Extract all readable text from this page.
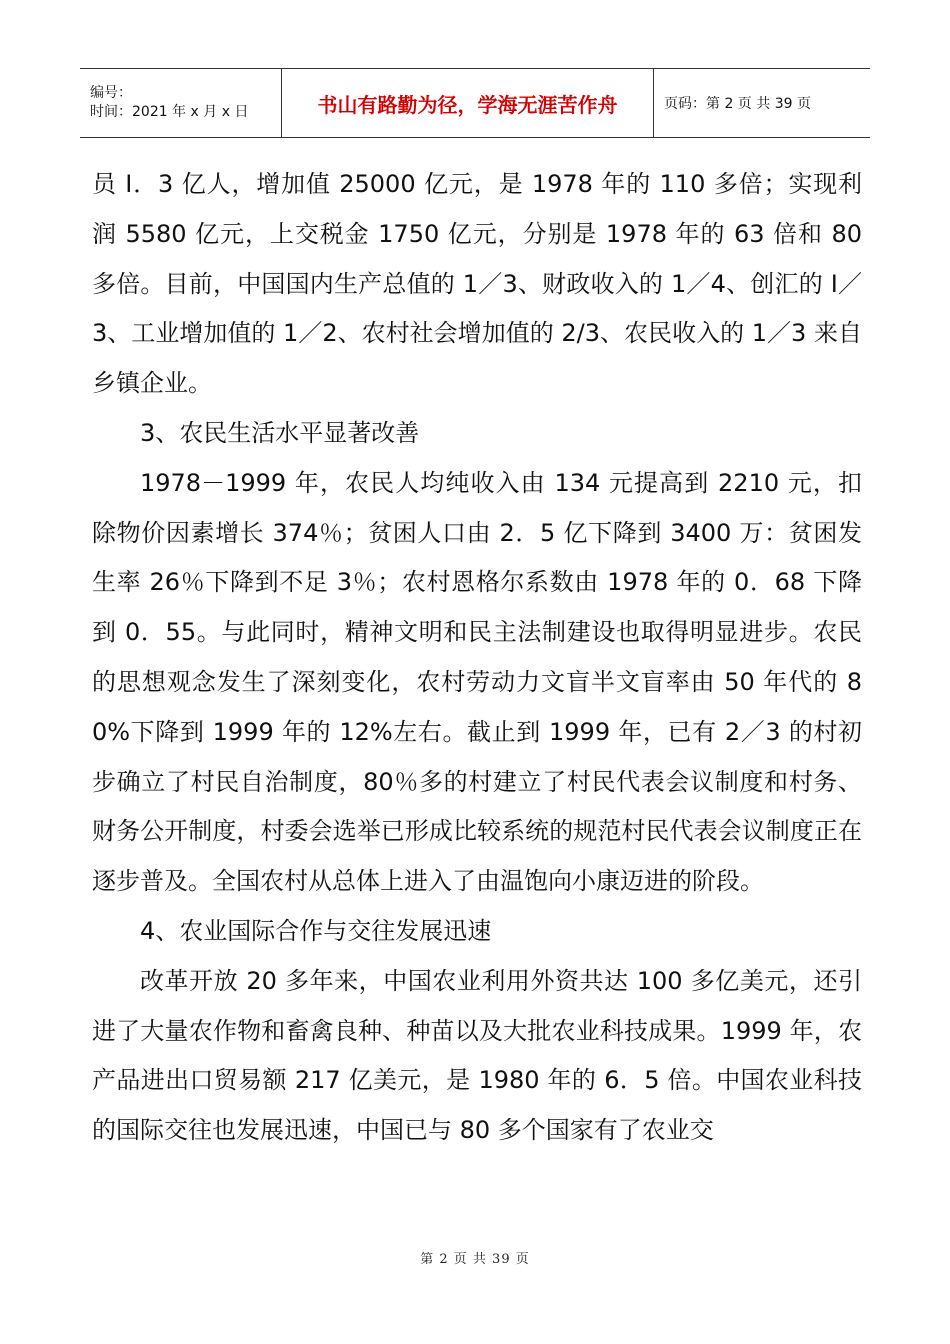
编号：
时间：2021 年 x 月 x 日	书山有路勤为径，学海无涯苦作舟	页码：第 2 页 共 39 页

员 I．3 亿人，增加值 25000 亿元，是 1978 年的 110 多倍；实现利润 5580 亿元，上交税金 1750 亿元，分别是 1978 年的 63 倍和 80 多倍。目前，中国国内生产总值的 1／3、财政收入的 1／4、创汇的 I／3、工业增加值的 1／2、农村社会增加值的 2/3、农民收入的 1／3 来自乡镇企业。

3、农民生活水平显著改善

1978－1999 年，农民人均纯收入由 134 元提高到 2210 元，扣除物价因素增长 374％；贫困人口由 2．5 亿下降到 3400 万：贫困发生率 26％下降到不足 3％；农村恩格尔系数由 1978 年的 0．68 下降到 0．55。与此同时，精神文明和民主法制建设也取得明显进步。农民的思想观念发生了深刻变化，农村劳动力文盲半文盲率由 50 年代的 80%下降到 1999 年的 12%左右。截止到 1999 年，已有 2／3 的村初步确立了村民自治制度，80％多的村建立了村民代表会议制度和村务、财务公开制度，村委会选举已形成比较系统的规范村民代表会议制度正在逐步普及。全国农村从总体上进入了由温饱向小康迈进的阶段。

4、农业国际合作与交往发展迅速

改革开放 20 多年来，中国农业利用外资共达 100 多亿美元，还引进了大量农作物和畜禽良种、种苗以及大批农业科技成果。1999 年，农产品进出口贸易额 217 亿美元，是 1980 年的 6．5 倍。中国农业科技的国际交往也发展迅速，中国已与 80 多个国家有了农业交

第 2 页 共 39 页
